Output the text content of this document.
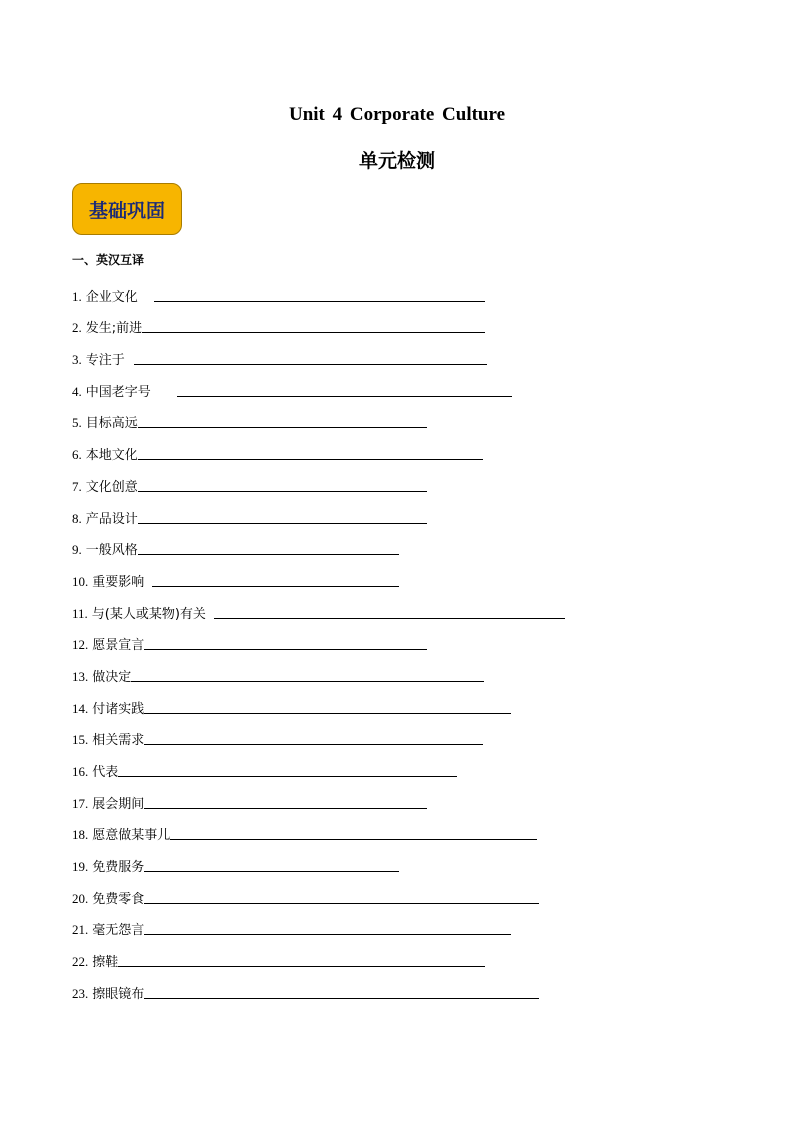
Unit 4 Corporate Culture
单元检测
基础巩固
一、英汉互译
1. 企业文化
2. 发生;前进
3. 专注于
4. 中国老字号
5. 目标高远
6. 本地文化
7. 文化创意
8. 产品设计
9. 一般风格
10. 重要影响
11. 与(某人或某物)有关
12. 愿景宣言
13. 做决定
14. 付诸实践
15. 相关需求
16. 代表
17. 展会期间
18. 愿意做某事儿
19. 免费服务
20. 免费零食
21. 毫无怨言
22. 擦鞋
23. 擦眼镜布
